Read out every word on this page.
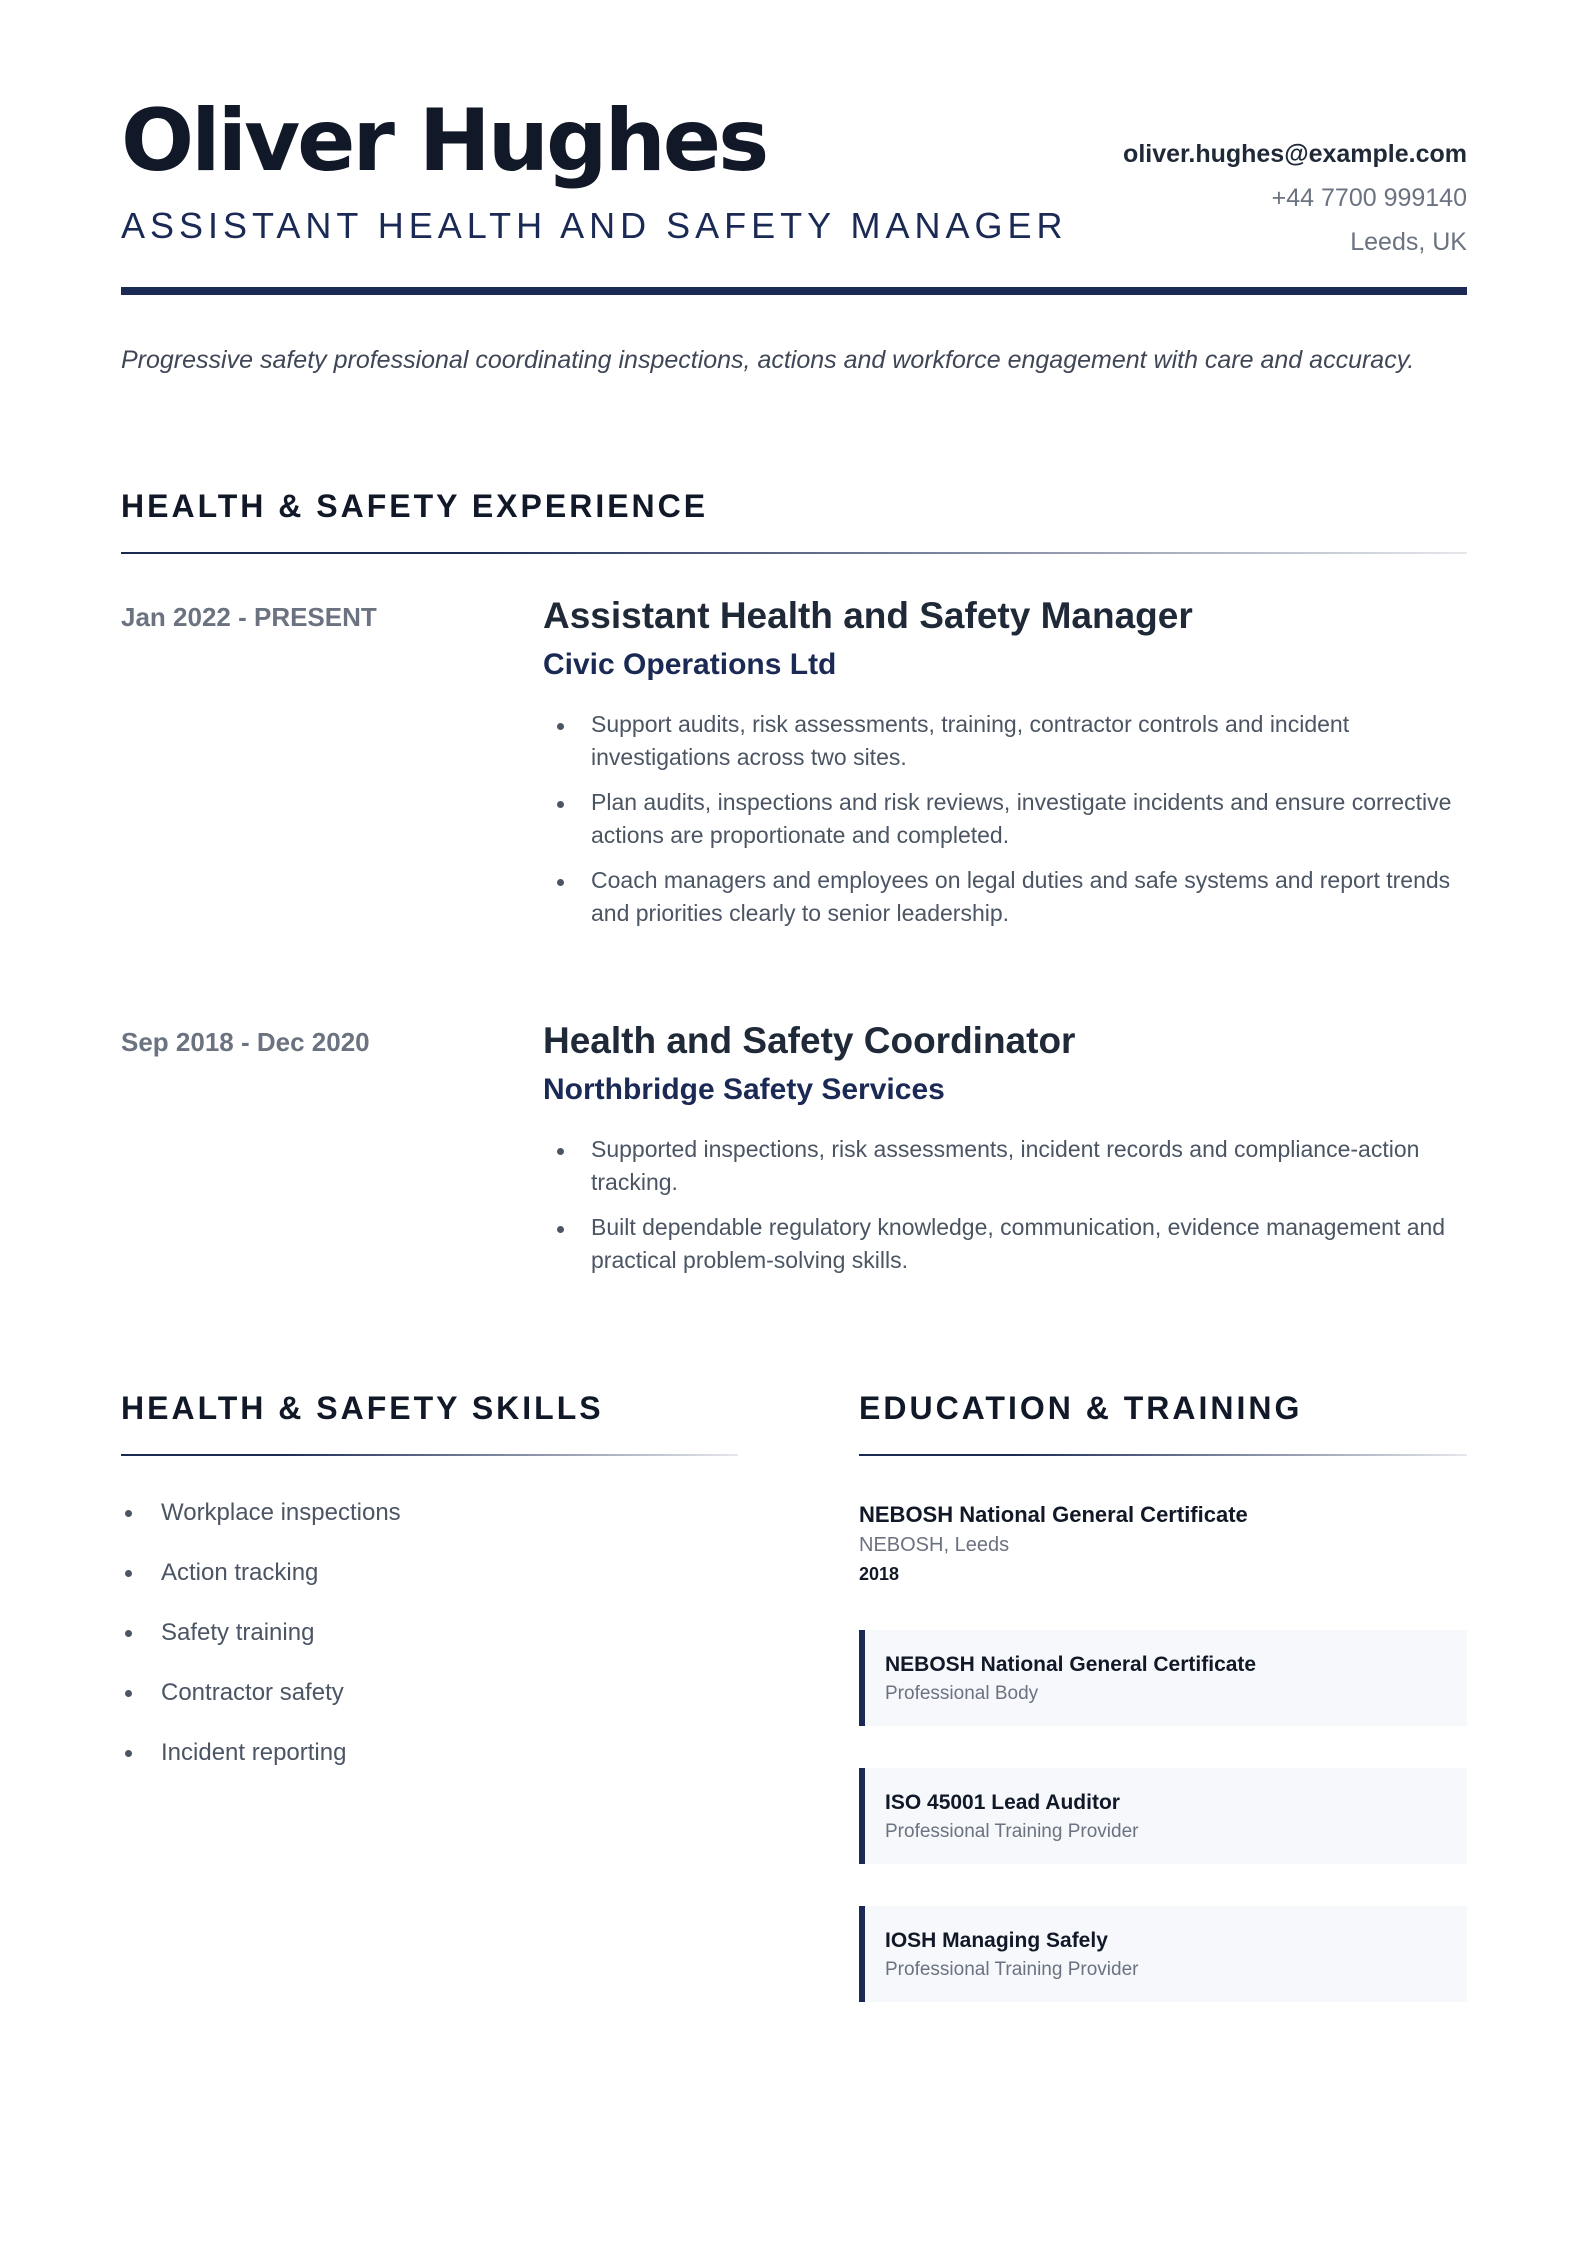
Oliver Hughes
ASSISTANT HEALTH AND SAFETY MANAGER
oliver.hughes@example.com
+44 7700 999140
Leeds, UK
Progressive safety professional coordinating inspections, actions and workforce engagement with care and accuracy.
HEALTH & SAFETY EXPERIENCE
Jan 2022 - PRESENT	Assistant Health and Safety Manager
Civic Operations Ltd
Support audits, risk assessments, training, contractor controls and incident investigations across two sites.
Plan audits, inspections and risk reviews, investigate incidents and ensure corrective actions are proportionate and completed.
Coach managers and employees on legal duties and safe systems and report trends and priorities clearly to senior leadership.
Sep 2018 - Dec 2020	Health and Safety Coordinator
Northbridge Safety Services
Supported inspections, risk assessments, incident records and compliance-action tracking.
Built dependable regulatory knowledge, communication, evidence management and practical problem-solving skills.
HEALTH & SAFETY SKILLS
Workplace inspections
Action tracking
Safety training
Contractor safety
Incident reporting
EDUCATION & TRAINING
NEBOSH National General Certificate
NEBOSH, Leeds
2018
NEBOSH National General Certificate
Professional Body
ISO 45001 Lead Auditor
Professional Training Provider
IOSH Managing Safely
Professional Training Provider
